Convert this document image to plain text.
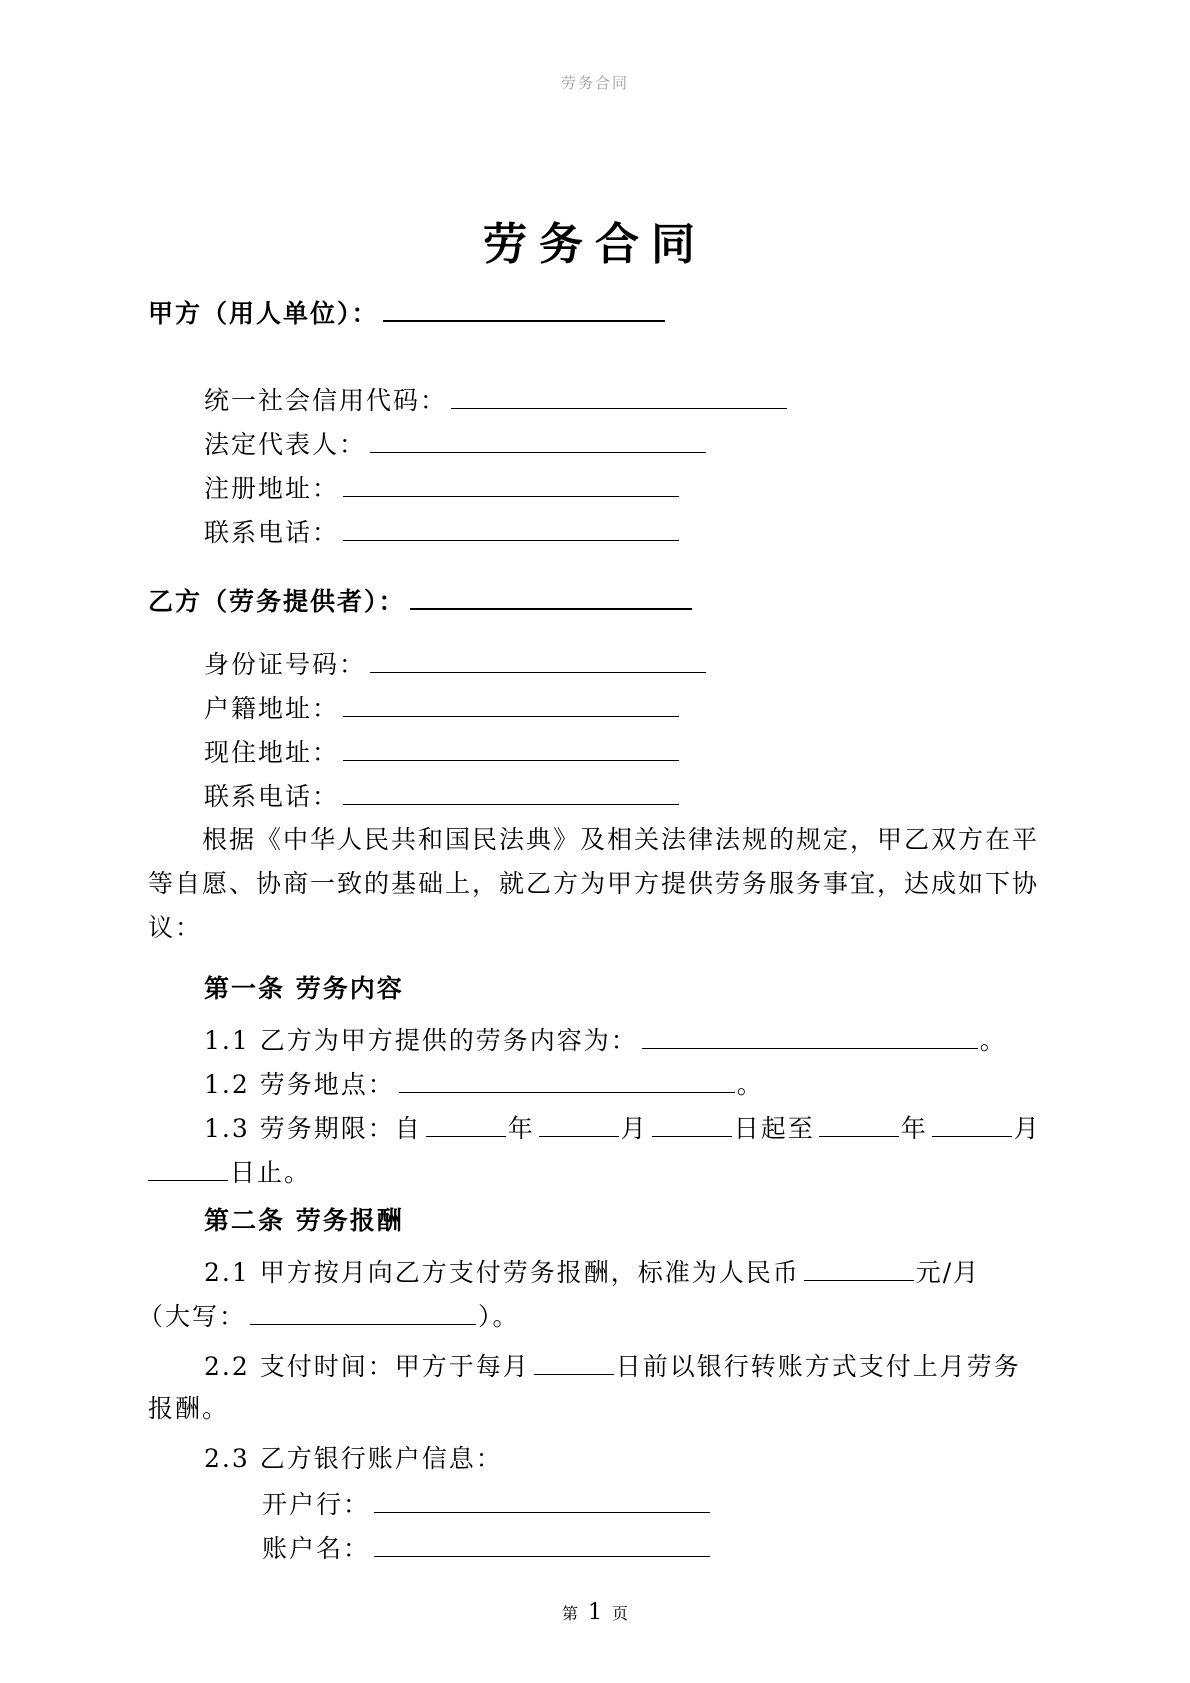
劳务合同
劳务合同
甲方（用人单位）：
统一社会信用代码：
法定代表人：
注册地址：
联系电话：
乙方（劳务提供者）：
身份证号码：
户籍地址：
现住地址：
联系电话：
根据《中华人民共和国民法典》及相关法律法规的规定，甲乙双方在平等自愿、协商一致的基础上，就乙方为甲方提供劳务服务事宜，达成如下协议：
第一条 劳务内容
1.1 乙方为甲方提供的劳务内容为：	。
1.2 劳务地点：	。
1.3 劳务期限：自	年	月	日起至	年	月
日止。
第二条 劳务报酬
2.1 甲方按月向乙方支付劳务报酬，标准为人民币	元/月
（大写：	）。
2.2 支付时间：甲方于每月	日前以银行转账方式支付上月劳务
报酬。
2.3 乙方银行账户信息：
开户行：
账户名：
第 1 页
